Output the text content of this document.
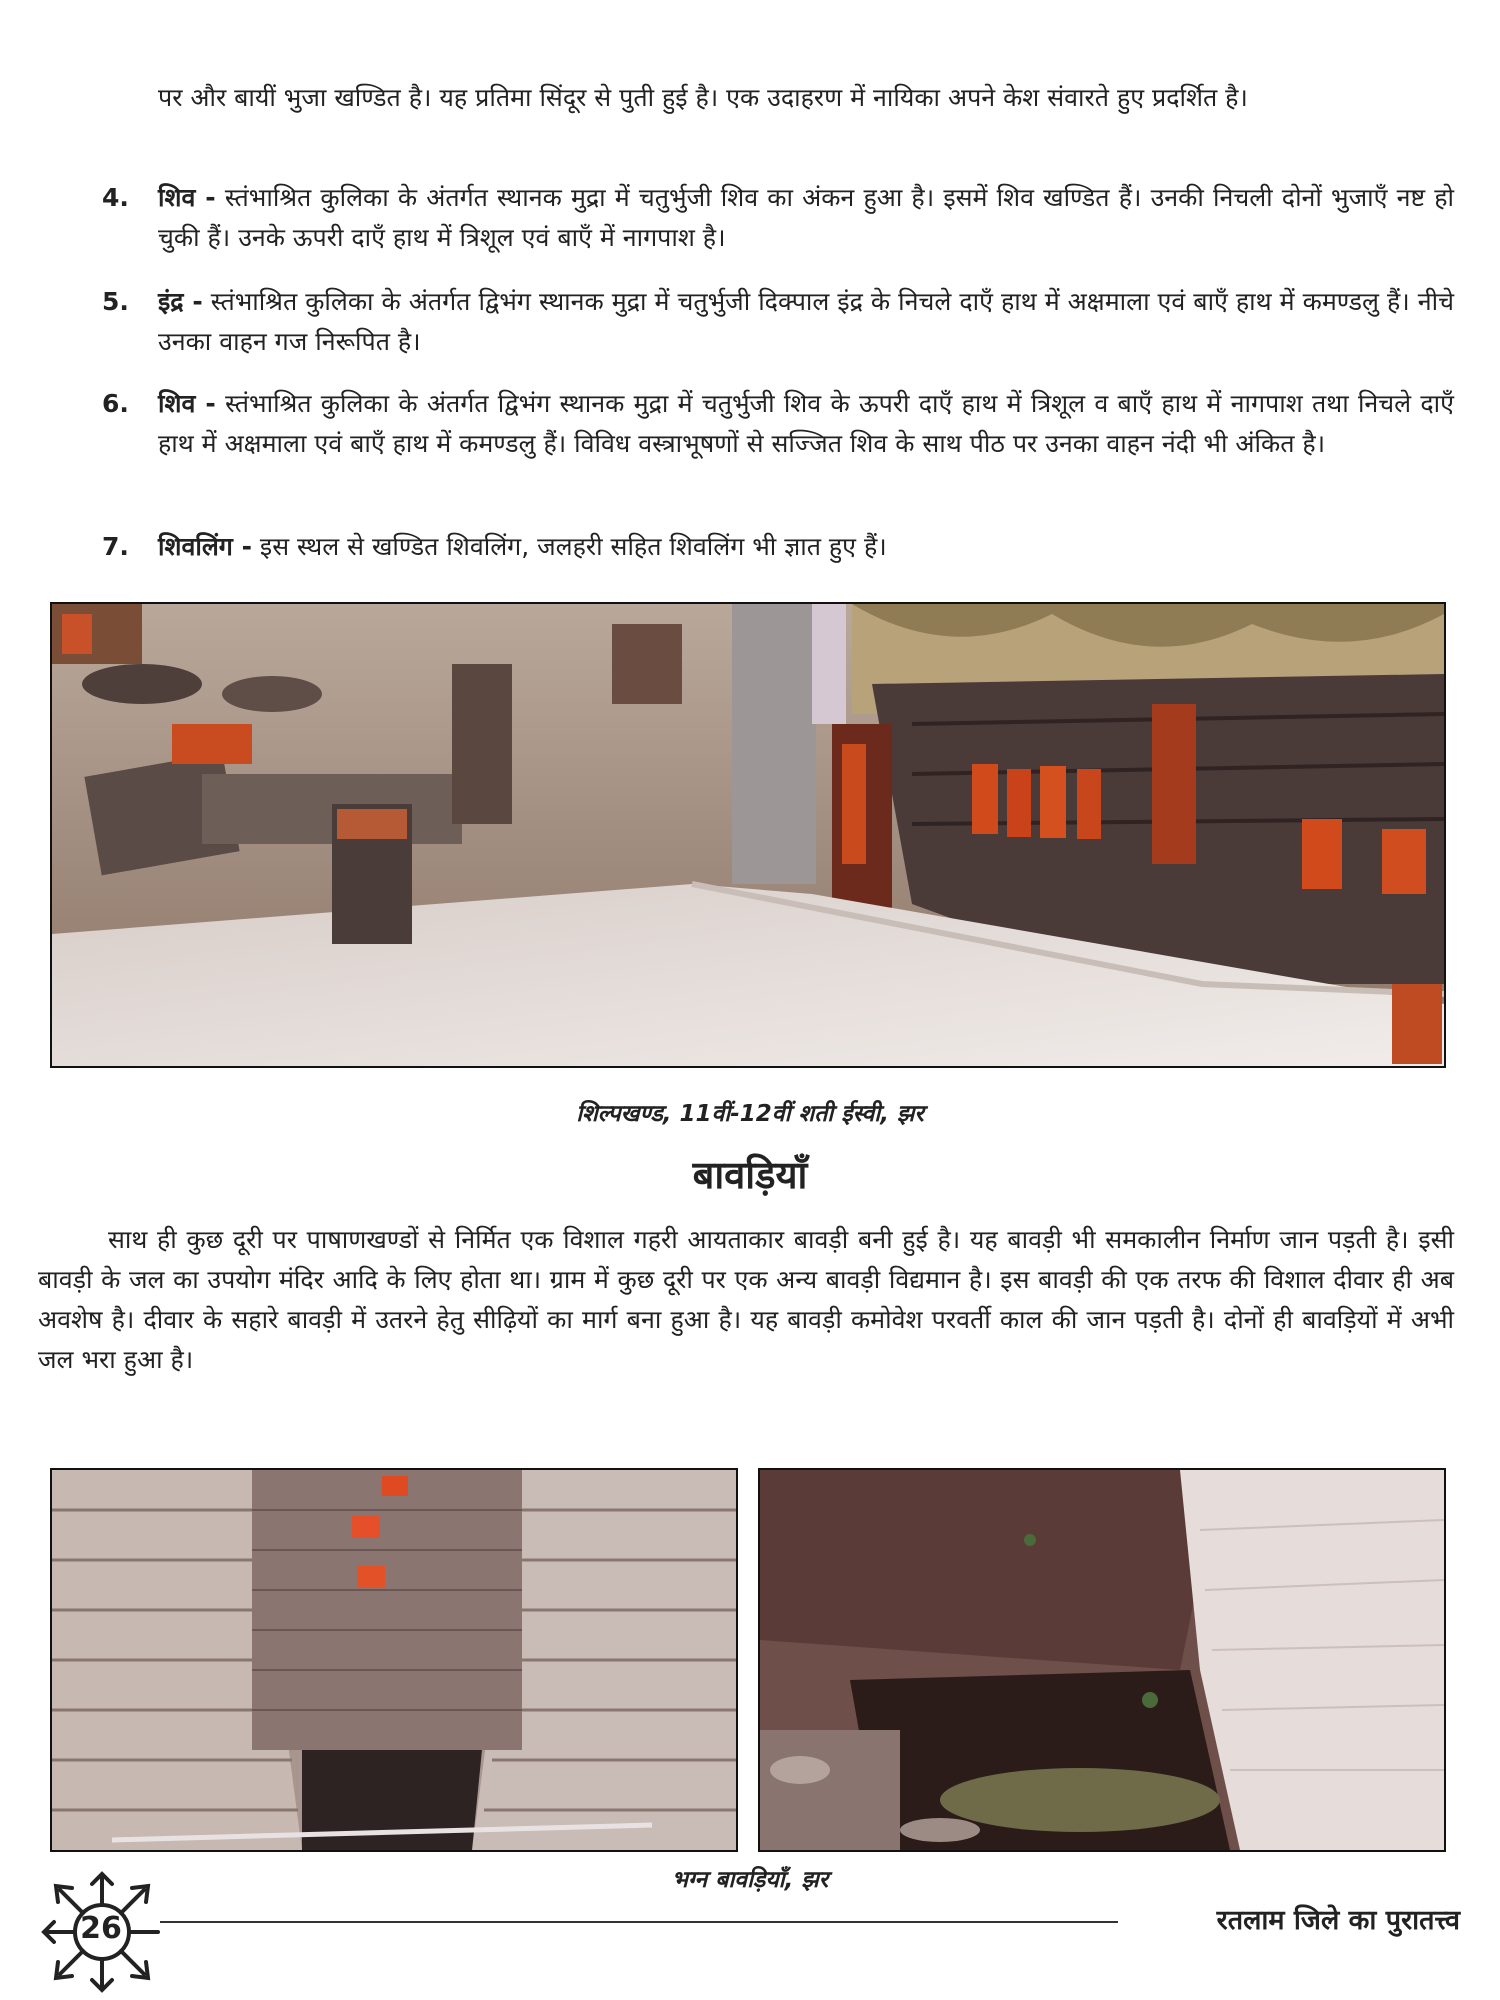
पर और बायीं भुजा खण्डित है। यह प्रतिमा सिंदूर से पुती हुई है। एक उदाहरण में नायिका अपने केश संवारते हुए प्रदर्शित है।

4. शिव - स्तंभाश्रित कुलिका के अंतर्गत स्थानक मुद्रा में चतुर्भुजी शिव का अंकन हुआ है। इसमें शिव खण्डित हैं। उनकी निचली दोनों भुजाएँ नष्ट हो चुकी हैं। उनके ऊपरी दाएँ हाथ में त्रिशूल एवं बाएँ में नागपाश है।
5. इंद्र - स्तंभाश्रित कुलिका के अंतर्गत द्विभंग स्थानक मुद्रा में चतुर्भुजी दिक्पाल इंद्र के निचले दाएँ हाथ में अक्षमाला एवं बाएँ हाथ में कमण्डलु हैं। नीचे उनका वाहन गज निरूपित है।
6. शिव - स्तंभाश्रित कुलिका के अंतर्गत द्विभंग स्थानक मुद्रा में चतुर्भुजी शिव के ऊपरी दाएँ हाथ में त्रिशूल व बाएँ हाथ में नागपाश तथा निचले दाएँ हाथ में अक्षमाला एवं बाएँ हाथ में कमण्डलु हैं। विविध वस्त्राभूषणों से सज्जित शिव के साथ पीठ पर उनका वाहन नंदी भी अंकित है।
7. शिवलिंग - इस स्थल से खण्डित शिवलिंग, जलहरी सहित शिवलिंग भी ज्ञात हुए हैं।
शिल्पखण्ड, 11वीं-12वीं शती ईस्वी, झर
बावड़ियाँ

साथ ही कुछ दूरी पर पाषाणखण्डों से निर्मित एक विशाल गहरी आयताकार बावड़ी बनी हुई है। यह बावड़ी भी समकालीन निर्माण जान पड़ती है। इसी बावड़ी के जल का उपयोग मंदिर आदि के लिए होता था। ग्राम में कुछ दूरी पर एक अन्य बावड़ी विद्यमान है। इस बावड़ी की एक तरफ की विशाल दीवार ही अब अवशेष है। दीवार के सहारे बावड़ी में उतरने हेतु सीढ़ियों का मार्ग बना हुआ है। यह बावड़ी कमोवेश परवर्ती काल की जान पड़ती है। दोनों ही बावड़ियों में अभी जल भरा हुआ है।

भग्न बावड़ियाँ, झर
26	रतलाम जिले का पुरातत्त्व
